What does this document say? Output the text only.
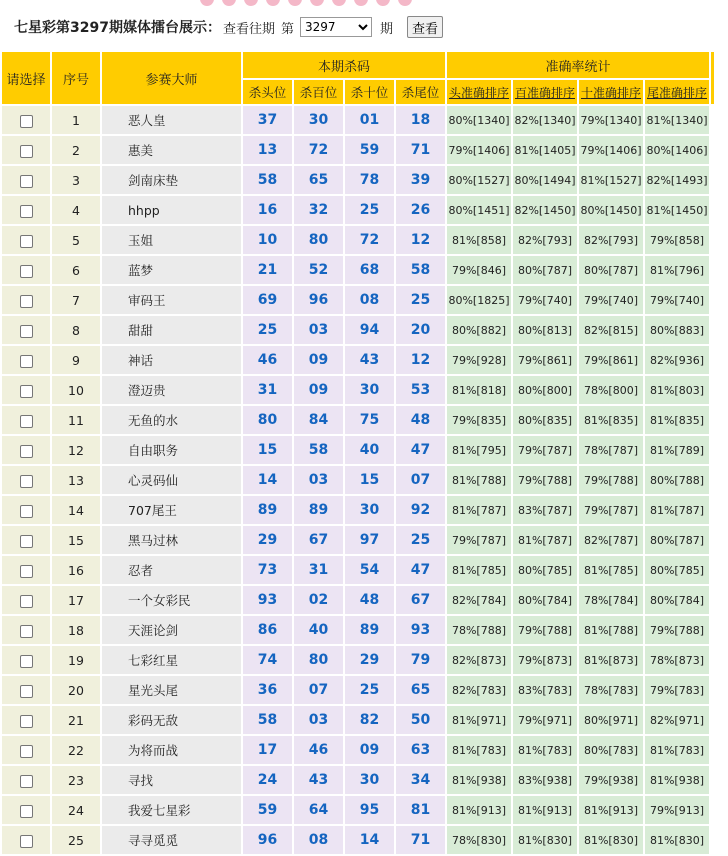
七星彩第3297期媒体擂台展示： 查看往期 第
3297	期	查看
请选择	序号	参赛大师	本期杀码				准确率统计				
			杀头位	杀百位	杀十位	杀尾位	头准确排序	百准确排序	十准确排序	尾准确排序	
	1	恶人皇	37	30	01	18	80%[1340]	82%[1340]	79%[1340]	81%[1340]	
	2	惠美	13	72	59	71	79%[1406]	81%[1405]	79%[1406]	80%[1406]	
	3	剑南床垫	58	65	78	39	80%[1527]	80%[1494]	81%[1527]	82%[1493]	
	4	hhpp	16	32	25	26	80%[1451]	82%[1450]	80%[1450]	81%[1450]	
	5	玉姐	10	80	72	12	81%[858]	82%[793]	82%[793]	79%[858]	
	6	蓝梦	21	52	68	58	79%[846]	80%[787]	80%[787]	81%[796]	
	7	审码王	69	96	08	25	80%[1825]	79%[740]	79%[740]	79%[740]	
	8	甜甜	25	03	94	20	80%[882]	80%[813]	82%[815]	80%[883]	
	9	神话	46	09	43	12	79%[928]	79%[861]	79%[861]	82%[936]	
	10	澄迈贵	31	09	30	53	81%[818]	80%[800]	78%[800]	81%[803]	
	11	无鱼的水	80	84	75	48	79%[835]	80%[835]	81%[835]	81%[835]	
	12	自由职务	15	58	40	47	81%[795]	79%[787]	78%[787]	81%[789]	
	13	心灵码仙	14	03	15	07	81%[788]	79%[788]	79%[788]	80%[788]	
	14	707尾王	89	89	30	92	81%[787]	83%[787]	79%[787]	81%[787]	
	15	黑马过林	29	67	97	25	79%[787]	81%[787]	82%[787]	80%[787]	
	16	忍者	73	31	54	47	81%[785]	80%[785]	81%[785]	80%[785]	
	17	一个女彩民	93	02	48	67	82%[784]	80%[784]	78%[784]	80%[784]	
	18	天涯论剑	86	40	89	93	78%[788]	79%[788]	81%[788]	79%[788]	
	19	七彩红星	74	80	29	79	82%[873]	79%[873]	81%[873]	78%[873]	
	20	星光头尾	36	07	25	65	82%[783]	83%[783]	78%[783]	79%[783]	
	21	彩码无敌	58	03	82	50	81%[971]	79%[971]	80%[971]	82%[971]	
	22	为将而战	17	46	09	63	81%[783]	81%[783]	80%[783]	81%[783]	
	23	寻找	24	43	30	34	81%[938]	83%[938]	79%[938]	81%[938]	
	24	我爱七星彩	59	64	95	81	81%[913]	81%[913]	81%[913]	79%[913]	
	25	寻寻觅觅	96	08	14	71	78%[830]	81%[830]	81%[830]	81%[830]	
